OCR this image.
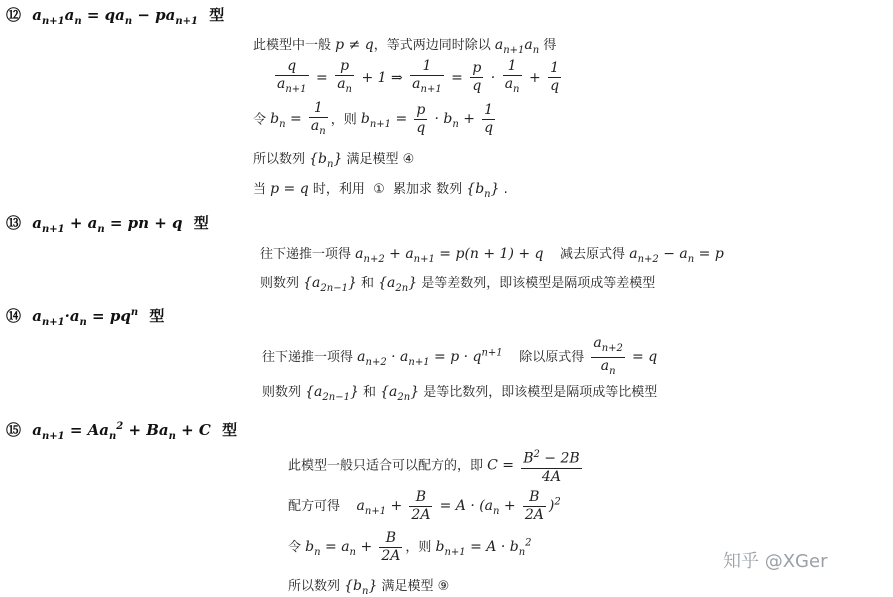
⑫ $a_{n+1}a_n = qa_n - pa_{n+1}$ 型
此模型中一般 p ≠ q，等式两边同时除以 $a_{n+1}a_n$ 得
$\frac{q}{a_{n+1}} = \frac{p}{a_n} + 1$ ⇒ $\frac{1}{a_{n+1}} = \frac{p}{q} \cdot \frac{1}{a_n} + \frac{1}{q}$
令 $b_n = \frac{1}{a_n}$ ，则 $b_{n+1} = \frac{p}{q} \cdot b_n + \frac{1}{q}$
所以数列 $\{b_n\}$ 满足模型 ④
当 p = q 时，利用  ①  累加求 数列 $\{b_n\}$ .
⑬ $a_{n+1} + a_n$ = pn + q 型
往下递推一项得 $a_{n+2} + a_{n+1} = p(n + 1) + q$    减去原式得 $a_{n+2} - a_n = p$
则数列 $\{a_{2n-1}\}$ 和 $\{a_{2n}\}$ 是等差数列，即该模型是隔项成等差模型
⑭ $a_{n+1}\cdot a_n = pq^n$ 型
往下递推一项得 $a_{n+2} \cdot a_{n+1} = p \cdot q^{n+1}$    除以原式得 $\frac{a_{n+2}}{a_n} = q$
则数列 $\{a_{2n-1}\}$ 和 $\{a_{2n}\}$ 是等比数列，即该模型是隔项成等比模型
⑮ $a_{n+1} = Aa_n^2 + Ba_n + C$ 型
此模型一般只适合可以配方的，即 $C = \frac{B^2 - 2B}{4A}$
配方可得    $a_{n+1} + \frac{B}{2A} = A \cdot (a_n + \frac{B}{2A} )^2$
令 $b_n = a_n + \frac{B}{2A}$ ，则 $b_{n+1} = A \cdot b_n^2$
所以数列 $\{b_n\}$ 满足模型 ⑨
知乎 @XGer
